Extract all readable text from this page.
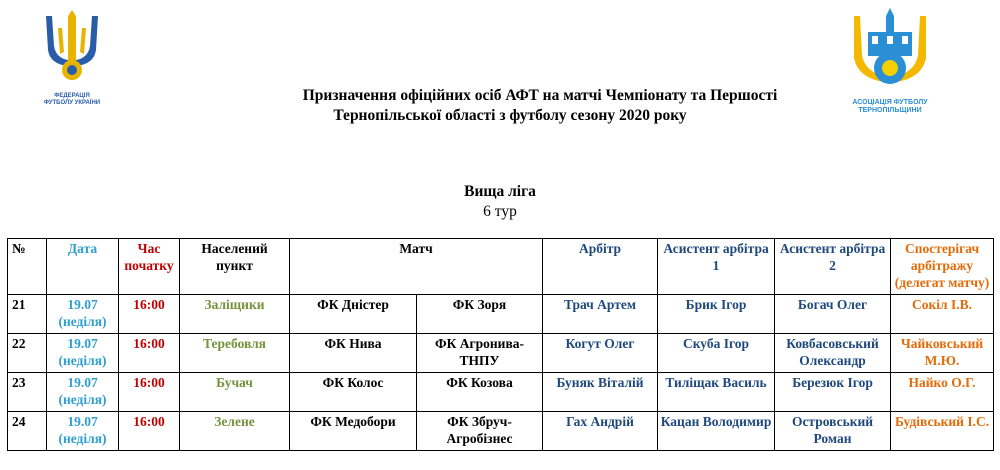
ФЕДЕРАЦІЯ ФУТБОЛУ УКРАЇНИ	АСОЦІАЦІЯ ФУТБОЛУ ТЕРНОПІЛЬЩИНИ
Призначення офіційних осіб АФТ на матчі Чемпіонату та Першості
Тернопільської області з футболу сезону 2020 року
Вища ліга
6 тур
№	Дата	Час початку	Населений пункт	Матч		Арбітр	Асистент арбітра 1	Асистент арбітра 2	Спостерігач арбітражу (делегат матчу)
21	19.07 (неділя)	16:00	Заліщики	ФК Дністер	ФК Зоря	Трач Артем	Брик Ігор	Богач Олег	Сокіл І.В.
22	19.07 (неділя)	16:00	Теребовля	ФК Нива	ФК Агронива-ТНПУ	Когут Олег	Скуба Ігор	Ковбасовський Олександр	Чайковський М.Ю.
23	19.07 (неділя)	16:00	Бучач	ФК Колос	ФК Козова	Буняк Віталій	Тиліщак Василь	Березюк Ігор	Найко О.Г.
24	19.07 (неділя)	16:00	Зелене	ФК Медобори	ФК Збруч-Агробізнес	Гах Андрій	Кацан Володимир	Островський Роман	Будівський І.С.
